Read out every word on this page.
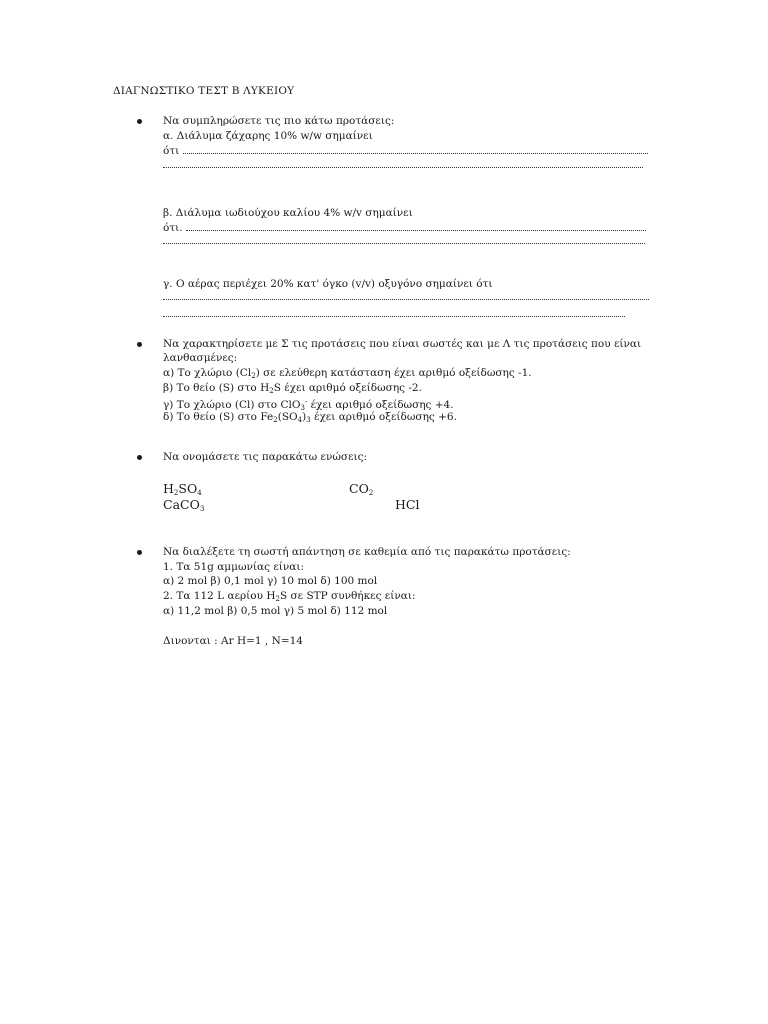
ΔΙΑΓΝΩΣΤΙΚΟ ΤΕΣΤ Β ΛΥΚΕΙΟΥ
Να συμπληρώσετε τις πιο κάτω προτάσεις:
α. Διάλυμα ζάχαρης 10% w/w σημαίνει
ότι
β. Διάλυμα ιωδιούχου καλίου 4% w/v σημαίνει
ότι.
γ. Ο αέρας περιέχει 20% κατ' όγκο (v/v) οξυγόνο σημαίνει ότι
Να χαρακτηρίσετε με Σ τις προτάσεις που είναι σωστές και με Λ τις προτάσεις που είναι
λανθασμένες:
α) Το χλώριο $(Cl_2)$ σε ελεύθερη κατάσταση έχει αριθμό οξείδωσης -1.
β) Το θείο (S) στο $H_2S$ έχει αριθμό οξείδωσης -2.
γ) Το χλώριο (Cl) στο ClO$_3$- έχει αριθμό οξείδωσης +4.
δ) Το θείο (S) στο $Fe_2(SO_4)_3$ έχει αριθμό οξείδωσης +6.
Να ονομάσετε τις παρακάτω ενώσεις:
$H_2SO_4$	$CO_2$
CaCO$_3$	HCl
Να διαλέξετε τη σωστή απάντηση σε καθεμία από τις παρακάτω προτάσεις:
1. Τα 51g αμμωνίας είναι:
α) 2 mol β) 0,1 mol γ) 10 mol δ) 100 mol
2. Τα 112 L αερίου $H_2S$ σε STP συνθήκες είναι:
α) 11,2 mol β) 0,5 mol γ) 5 mol δ) 112 mol
Δινονται : Ar H=1 , N=14
